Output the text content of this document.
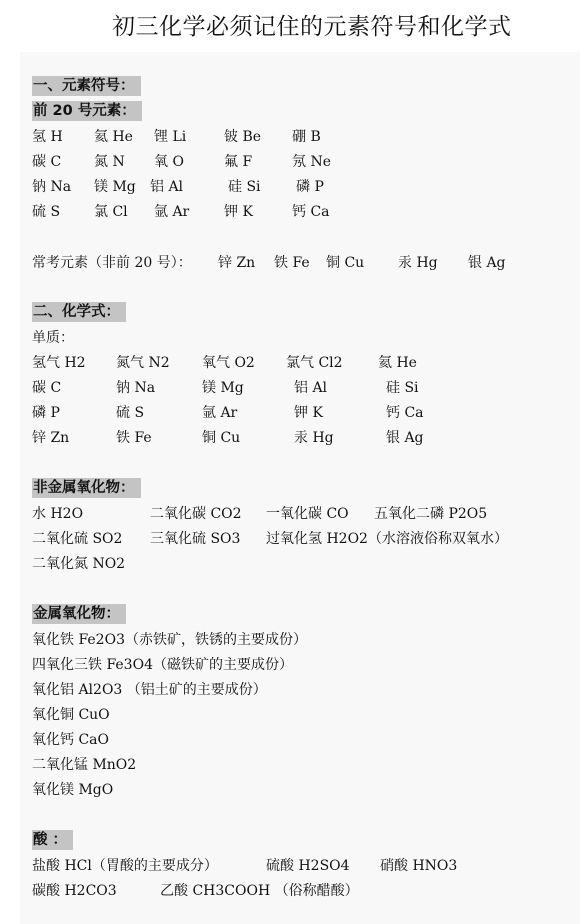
初三化学必须记住的元素符号和化学式
一、元素符号：
前 20 号元素：
氢 H 氦 He 锂 Li	铍 Be 硼 B
碳 C 氮 N 氧 O	氟 F	氖 Ne
钠 Na 镁 Mg 铝 Al	硅 Si	磷 P
硫 S 氯 Cl 氩 Ar 钾 K	钙 Ca
常考元素（非前 20 号）： 锌 Zn 铁 Fe 铜 Cu 汞 Hg 银 Ag
二、化学式：
单质：
氢气 H2 氮气 N2 氧气 O2 氯气 Cl2	氦 He
碳 C	钠 Na	镁 Mg	铝 Al	硅 Si
磷 P	硫 S	氩 Ar	钾 K	钙 Ca
锌 Zn	铁 Fe	铜 Cu	汞 Hg	银 Ag
非金属氧化物：
水 H2O	二氧化碳 CO2 一氧化碳 CO 五氧化二磷 P2O5
二氧化硫 SO2 三氧化硫 SO3 过氧化氢 H2O2（水溶液俗称双氧水）
二氧化氮 NO2
金属氧化物：
氧化铁 Fe2O3（赤铁矿，铁锈的主要成份）
四氧化三铁 Fe3O4（磁铁矿的主要成份）
氧化铝 Al2O3 （铝土矿的主要成份）
氧化铜 CuO
氧化钙 CaO
二氧化锰 MnO2
氧化镁 MgO
酸 ：
盐酸 HCl（胃酸的主要成分）	硫酸 H2SO4 硝酸 HNO3
碳酸 H2CO3	乙酸 CH3COOH （俗称醋酸）
